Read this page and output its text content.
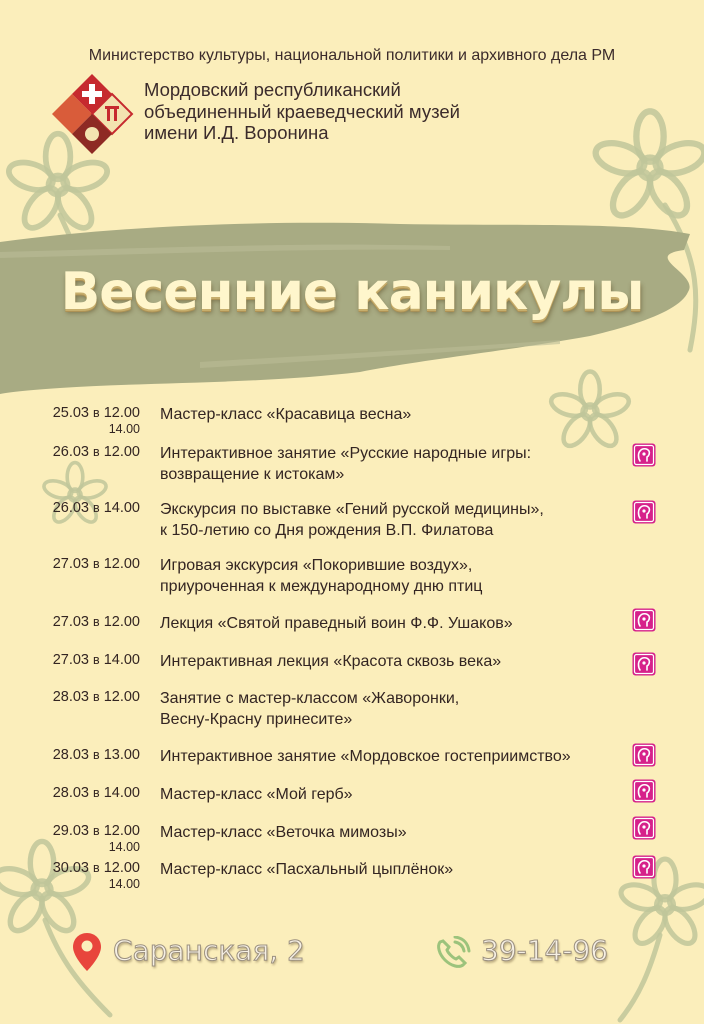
Министерство культуры, национальной политики и архивного дела РМ
Мордовский республиканский
объединенный краеведческий музей
имени И.Д. Воронина
Весенние каникулы
25.03 в 12.00
14.00
Мастер-класс «Красавица весна»
26.03 в 12.00 Интерактивное занятие «Русские народные игры:
возвращение к истокам»
26.03 в 14.00 Экскурсия по выставке «Гений русской медицины»,
к 150-летию со Дня рождения В.П. Филатова
27.03 в 12.00 Игровая экскурсия «Покорившие воздух»,
приуроченная к международному дню птиц
27.03 в 12.00 Лекция «Святой праведный воин Ф.Ф. Ушаков»
27.03 в 14.00 Интерактивная лекция «Красота сквозь века»
28.03 в 12.00 Занятие с мастер-классом «Жаворонки,
Весну-Красну принесите»
28.03 в 13.00 Интерактивное занятие «Мордовское гостеприимство»
28.03 в 14.00 Мастер-класс «Мой герб»
29.03 в 12.00
14.00
Мастер-класс «Веточка мимозы»
30.03 в 12.00
14.00
Мастер-класс «Пасхальный цыплёнок»
Саранская, 2	39-14-96
